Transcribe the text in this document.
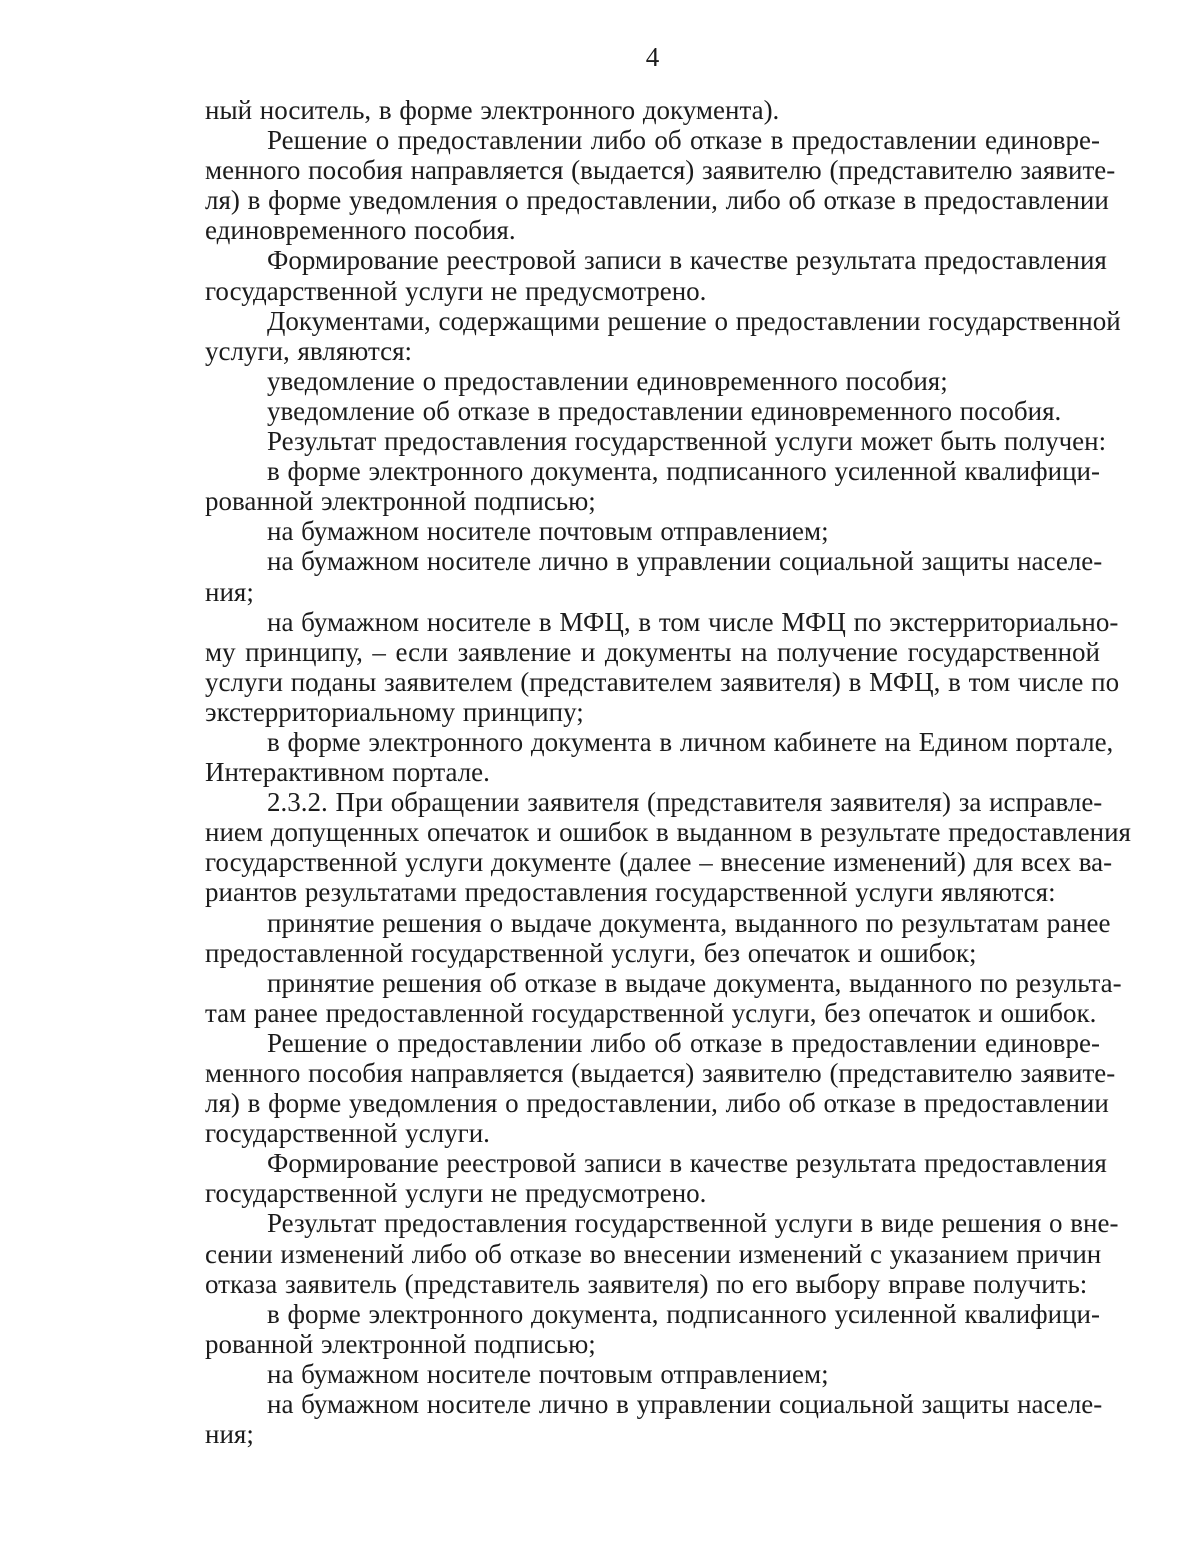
4
ный носитель, в форме электронного документа).
Решение о предоставлении либо об отказе в предоставлении единовре-
менного пособия направляется (выдается) заявителю (представителю заявите-
ля) в форме уведомления о предоставлении, либо об отказе в предоставлении
единовременного пособия.
Формирование реестровой записи в качестве результата предоставления
государственной услуги не предусмотрено.
Документами, содержащими решение о предоставлении государственной
услуги, являются:
уведомление о предоставлении единовременного пособия;
уведомление об отказе в предоставлении единовременного пособия.
Результат предоставления государственной услуги может быть получен:
в форме электронного документа, подписанного усиленной квалифици-
рованной электронной подписью;
на бумажном носителе почтовым отправлением;
на бумажном носителе лично в управлении социальной защиты населе-
ния;
на бумажном носителе в МФЦ, в том числе МФЦ по экстерриториально-
му принципу, – если заявление и документы на получение государственной
услуги поданы заявителем (представителем заявителя) в МФЦ, в том числе по
экстерриториальному принципу;
в форме электронного документа в личном кабинете на Едином портале,
Интерактивном портале.
2.3.2. При обращении заявителя (представителя заявителя) за исправле-
нием допущенных опечаток и ошибок в выданном в результате предоставления
государственной услуги документе (далее – внесение изменений) для всех ва-
риантов результатами предоставления государственной услуги являются:
принятие решения о выдаче документа, выданного по результатам ранее
предоставленной государственной услуги, без опечаток и ошибок;
принятие решения об отказе в выдаче документа, выданного по результа-
там ранее предоставленной государственной услуги, без опечаток и ошибок.
Решение о предоставлении либо об отказе в предоставлении единовре-
менного пособия направляется (выдается) заявителю (представителю заявите-
ля) в форме уведомления о предоставлении, либо об отказе в предоставлении
государственной услуги.
Формирование реестровой записи в качестве результата предоставления
государственной услуги не предусмотрено.
Результат предоставления государственной услуги в виде решения о вне-
сении изменений либо об отказе во внесении изменений с указанием причин
отказа заявитель (представитель заявителя) по его выбору вправе получить:
в форме электронного документа, подписанного усиленной квалифици-
рованной электронной подписью;
на бумажном носителе почтовым отправлением;
на бумажном носителе лично в управлении социальной защиты населе-
ния;
